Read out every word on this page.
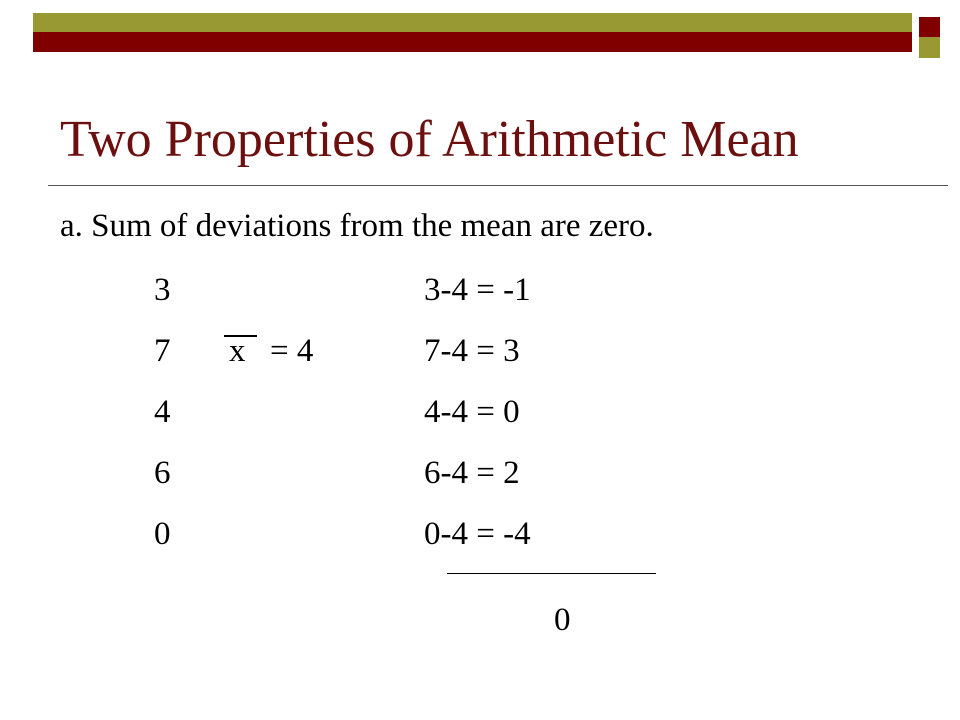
Two Properties of Arithmetic Mean
a. Sum of deviations from the mean are zero.
3
7
4
6
0
x = 4
3-4 = -1
7-4 = 3
4-4 = 0
6-4 = 2
0-4 = -4
0
